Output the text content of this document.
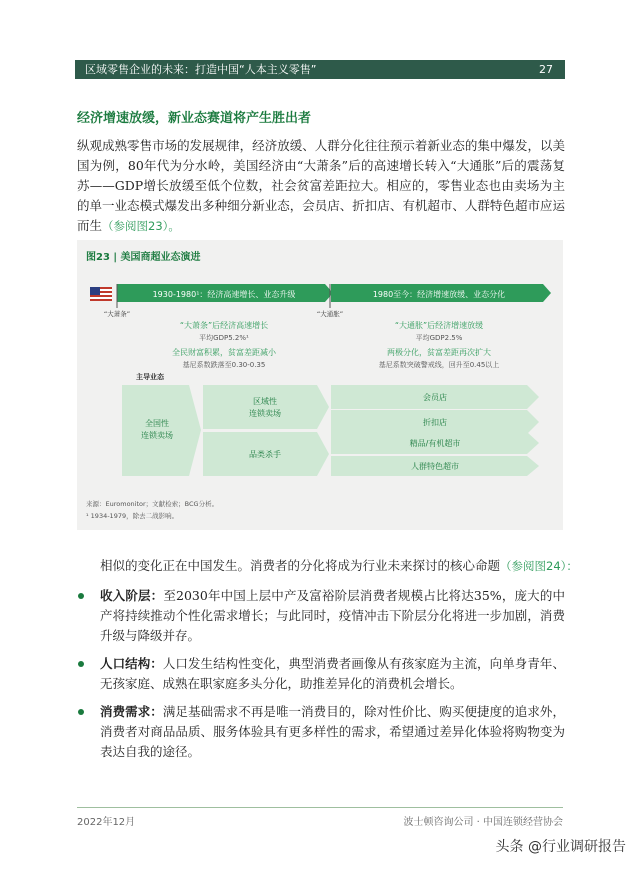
区域零售企业的未来：打造中国“人本主义零售”	27
经济增速放缓，新业态赛道将产生胜出者
纵观成熟零售市场的发展规律，经济放缓、人群分化往往预示着新业态的集中爆发，以美国为例，80年代为分水岭，美国经济由“大萧条”后的高速增长转入“大通胀”后的震荡复苏——GDP增长放缓至低个位数，社会贫富差距拉大。相应的，零售业态也由卖场为主的单一业态模式爆发出多种细分新业态，会员店、折扣店、有机超市、人群特色超市应运而生（参阅图23）。
图23 | 美国商超业态演进
1930-1980¹：经济高速增长、业态升级	1980至今：经济增速放缓、业态分化
“大萧条”	“大通胀”
“大萧条”后经济高速增长
平均GDP5.2%¹
全民财富积累，贫富差距减小
基尼系数跌落至0.30-0.35
“大通胀”后经济增速放缓
平均GDP2.5%
两极分化，贫富差距再次扩大
基尼系数突破警戒线，回升至0.45以上
主导业态
全国性
连锁卖场
区域性
连锁卖场
品类杀手
会员店
折扣店
精品/有机超市
人群特色超市
来源：Euromonitor；文献检索；BCG分析。
¹ 1934-1979，除去二战影响。
相似的变化正在中国发生。消费者的分化将成为行业未来探讨的核心命题（参阅图24）：
收入阶层：至2030年中国上层中产及富裕阶层消费者规模占比将达35%，庞大的中产将持续推动个性化需求增长；与此同时，疫情冲击下阶层分化将进一步加剧，消费升级与降级并存。
人口结构：人口发生结构性变化，典型消费者画像从有孩家庭为主流，向单身青年、无孩家庭、成熟在职家庭多头分化，助推差异化的消费机会增长。
消费需求：满足基础需求不再是唯一消费目的，除对性价比、购买便捷度的追求外，消费者对商品品质、服务体验具有更多样性的需求，希望通过差异化体验将购物变为表达自我的途径。
2022年12月	波士顿咨询公司 · 中国连锁经营协会
头条 @行业调研报告
